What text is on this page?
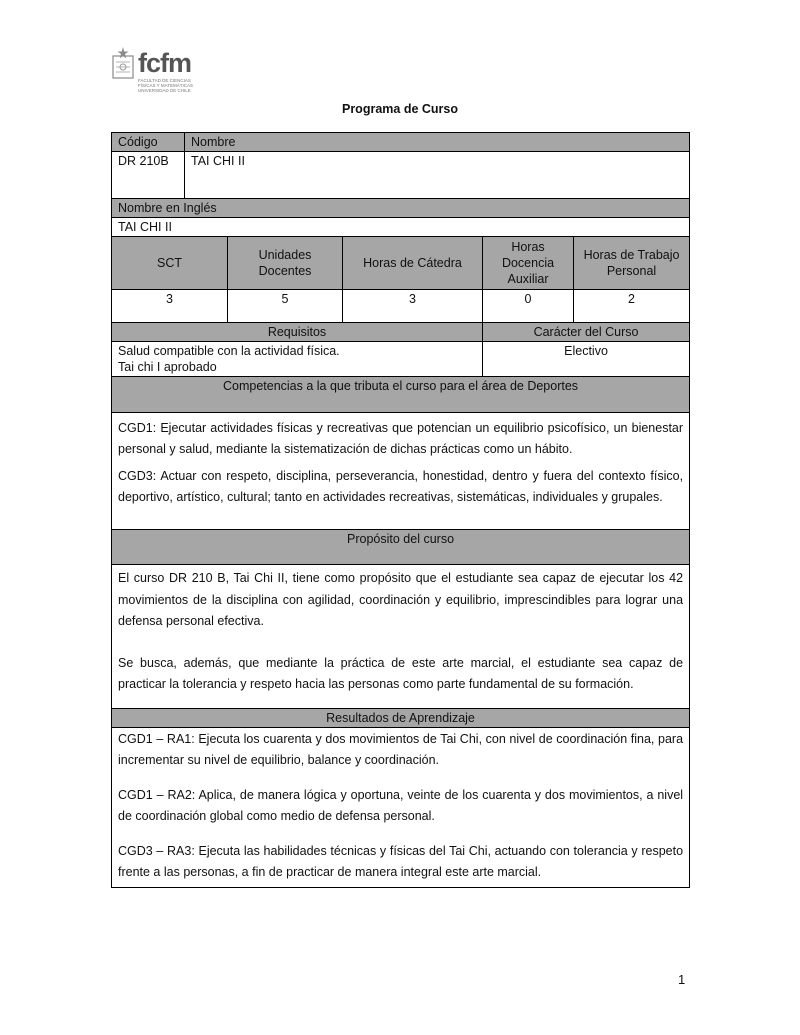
fcfm
FACULTAD DE CIENCIAS FÍSICAS Y MATEMÁTICAS UNIVERSIDAD DE CHILE
Programa de Curso
Código	Nombre				
DR 210B	TAI CHI II				
Nombre en Inglés					
TAI CHI II					
SCT		Unidades Docentes	Horas de Cátedra	Horas Docencia Auxiliar	Horas de Trabajo Personal
3		5	3	0	2
Requisitos				Carácter del Curso	

Salud compatible con la actividad física.
Tai chi I aprobado				Electivo	
Competencias a la que tributa el curso para el área de Deportes					

CGD1: Ejecutar actividades físicas y recreativas que potencian un equilibrio psicofísico, un bienestar personal y salud, mediante la sistematización de dichas prácticas como un hábito.

CGD3: Actuar con respeto, disciplina, perseverancia, honestidad, dentro y fuera del contexto físico, deportivo, artístico, cultural; tanto en actividades recreativas, sistemáticas, individuales y grupales.					

Propósito del curso					

El curso DR 210 B, Tai Chi II, tiene como propósito que el estudiante sea capaz de ejecutar los 42 movimientos de la disciplina con agilidad, coordinación y equilibrio, imprescindibles para lograr una defensa personal efectiva.

Se busca, además, que mediante la práctica de este arte marcial, el estudiante sea capaz de practicar la tolerancia y respeto hacia las personas como parte fundamental de su formación.					

Resultados de Aprendizaje					

CGD1 – RA1: Ejecuta los cuarenta y dos movimientos de Tai Chi, con nivel de coordinación fina, para incrementar su nivel de equilibrio, balance y coordinación.

CGD1 – RA2: Aplica, de manera lógica y oportuna, veinte de los cuarenta y dos movimientos, a nivel de coordinación global como medio de defensa personal.

CGD3 – RA3: Ejecuta las habilidades técnicas y físicas del Tai Chi, actuando con tolerancia y respeto frente a las personas, a fin de practicar de manera integral este arte marcial.					

1
